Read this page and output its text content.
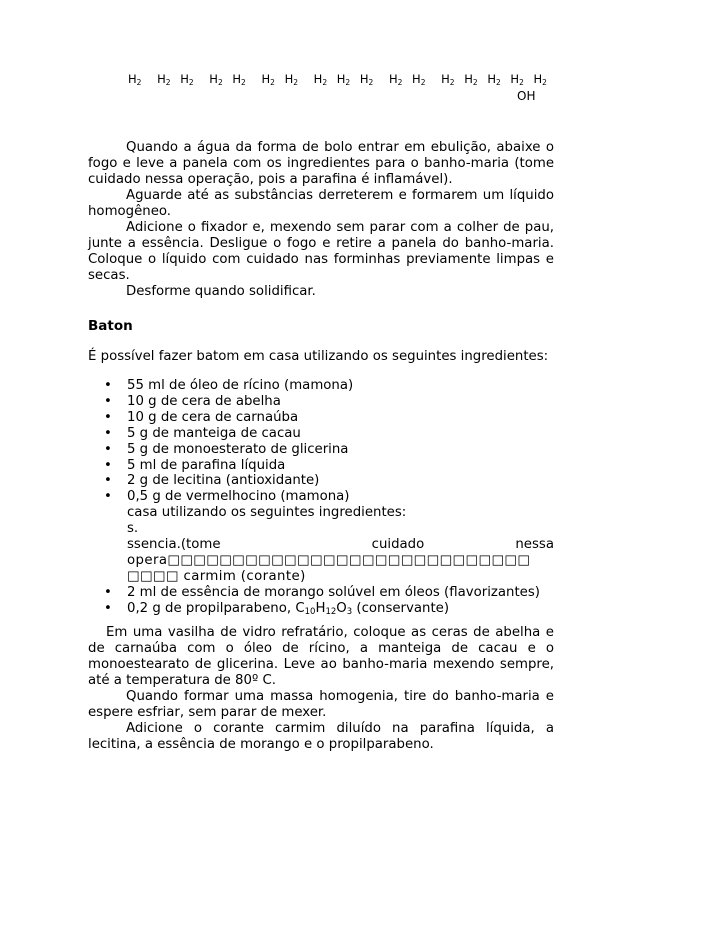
$H_2$ $H_2$ $H_2$ $H_2$ $H_2$ $H_2$ $H_2$ $H_2$ $H_2$ $H_2$ $H_2$ $H_2$ $H_2$ $H_2$ $H_2$ $H_2$ $H_2$
OH

Quando a água da forma de bolo entrar em ebulição, abaixe o fogo e leve a panela com os ingredientes para o banho-maria (tome cuidado nessa operação, pois a parafina é inflamável).

Aguarde até as substâncias derreterem e formarem um líquido homogêneo.

Adicione o fixador e, mexendo sem parar com a colher de pau, junte a essência. Desligue o fogo e retire a panela do banho-maria. Coloque o líquido com cuidado nas forminhas previamente limpas e secas.

Desforme quando solidificar.

Baton
É possível fazer batom em casa utilizando os seguintes ingredientes:
• 55 ml de óleo de rícino (mamona)
• 10 g de cera de abelha
• 10 g de cera de carnaúba
• 5 g de manteiga de cacau
• 5 g de monoesterato de glicerina
• 5 ml de parafina líquida
• 2 g de lecitina (antioxidante)
• 0,5 g de vermelhocino (mamona)
casa utilizando os seguintes ingredientes:
s.
ssencia.(tome	cuidado	nessa
opera□□□□□□□□□□□□□□□□□□□□□□□□□□□□
□□□□ carmim (corante)
• 2 ml de essência de morango solúvel em óleos (flavorizantes)
• 0,2 g de propilparabeno, $C_{10}H_{12}O_3$ (conservante)

Em uma vasilha de vidro refratário, coloque as ceras de abelha e de carnaúba com o óleo de rícino, a manteiga de cacau e o monoestearato de glicerina. Leve ao banho-maria mexendo sempre, até a temperatura de 80º C.

Quando formar uma massa homogenia, tire do banho-maria e espere esfriar, sem parar de mexer.

Adicione o corante carmim diluído na parafina líquida, a lecitina, a essência de morango e o propilparabeno.
